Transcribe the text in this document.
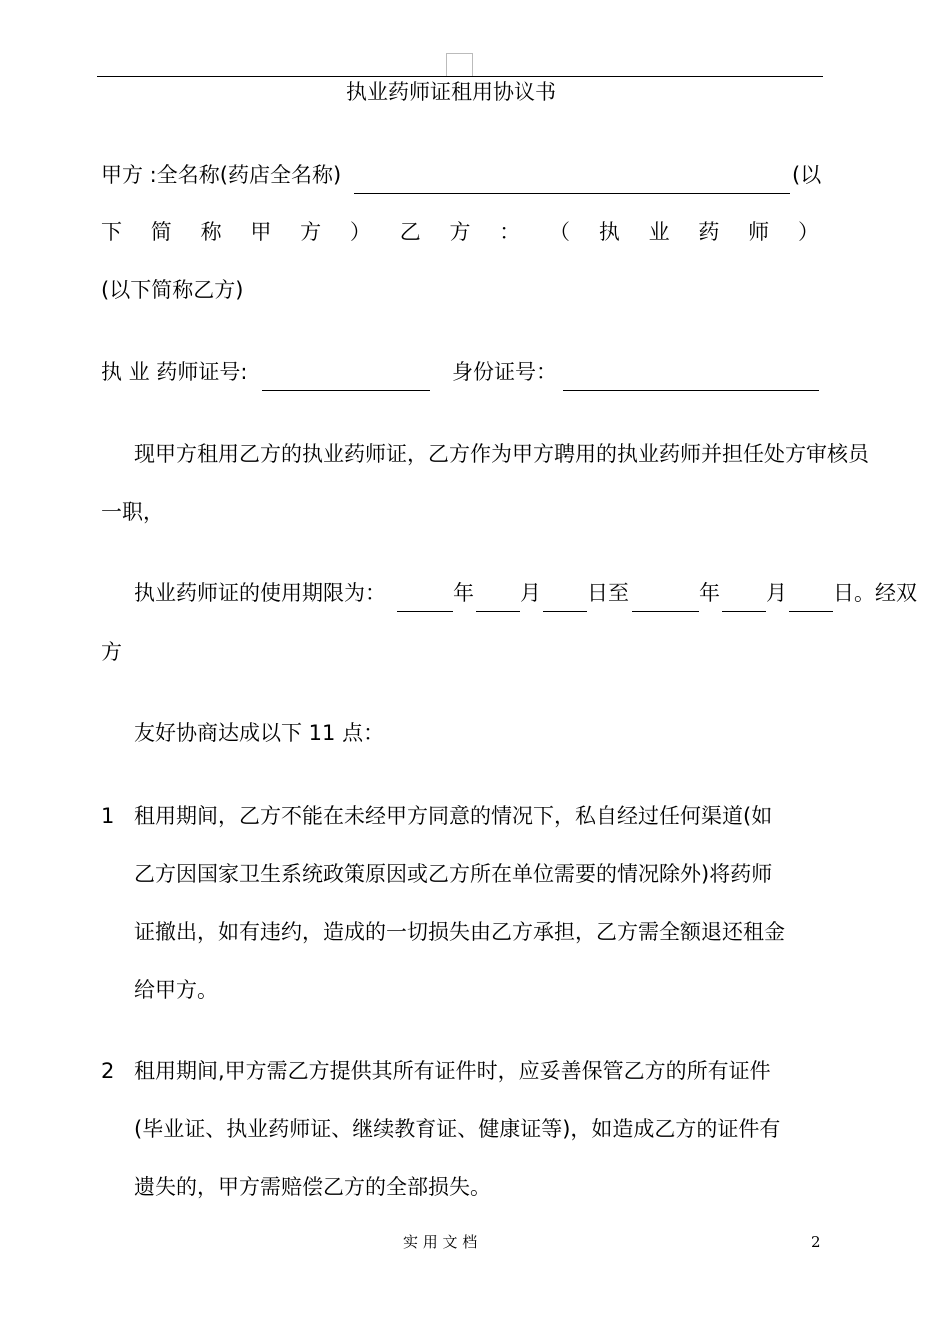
执业药师证租用协议书
甲方 :全名称(药店全名称)	(以
下 简 称 甲 方 ） 乙 方 ： （ 执 业 药 师 ）
(以下简称乙方)
执 业 药师证号:	身份证号：
现甲方租用乙方的执业药师证，乙方作为甲方聘用的执业药师并担任处方审核员
一职，
执业药师证的使用期限为：	年 月 日至	年 月 日。经双
方
友好协商达成以下 11 点：
1 租用期间，乙方不能在未经甲方同意的情况下，私自经过任何渠道(如
乙方因国家卫生系统政策原因或乙方所在单位需要的情况除外)将药师
证撤出，如有违约，造成的一切损失由乙方承担，乙方需全额退还租金
给甲方。
2 租用期间,甲方需乙方提供其所有证件时，应妥善保管乙方的所有证件
(毕业证、执业药师证、继续教育证、健康证等)，如造成乙方的证件有
遗失的，甲方需赔偿乙方的全部损失。
实 用 文 档	2
